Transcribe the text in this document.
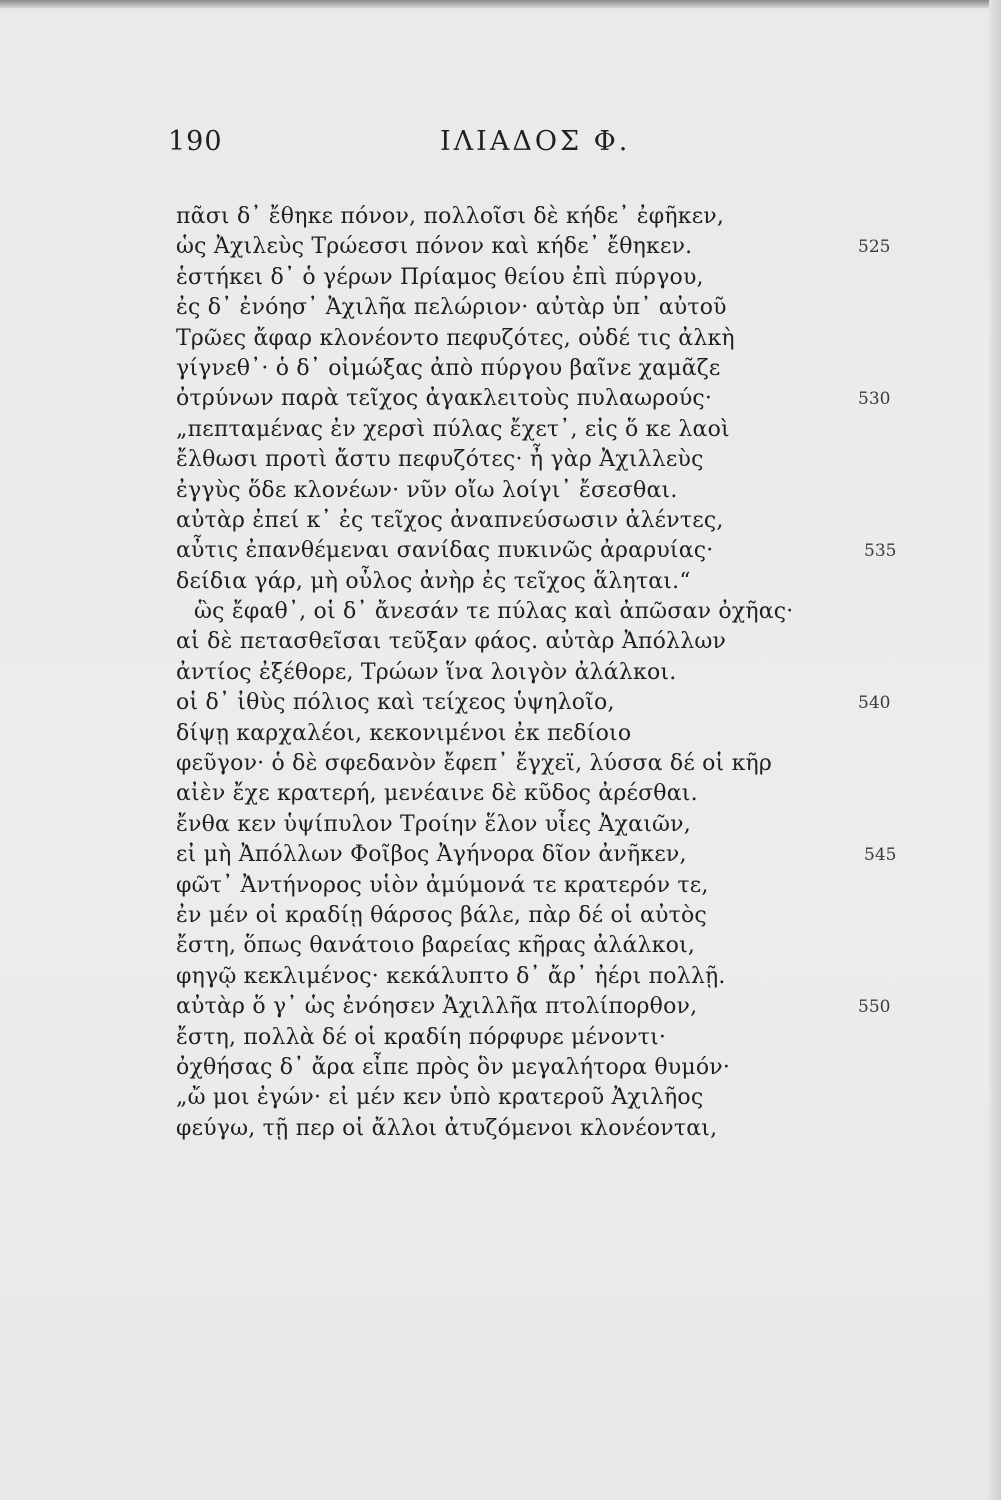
190	ΙΛΙΑΔΟΣ Φ.
πᾶσι δ᾽ ἔθηκε πόνον, πολλοῖσι δὲ κήδε᾽ ἐφῆκεν,
ὡς Ἀχιλεὺς Τρώεσσι πόνον καὶ κήδε᾽ ἔθηκεν.	525
ἑστήκει δ᾽ ὁ γέρων Πρίαμος θείου ἐπὶ πύργου,
ἐς δ᾽ ἐνόησ᾽ Ἀχιλῆα πελώριον· αὐτὰρ ὑπ᾽ αὐτοῦ
Τρῶες ἄφαρ κλονέοντο πεφυζότες, οὐδέ τις ἀλκὴ
γίγνεθ᾽· ὁ δ᾽ οἰμώξας ἀπὸ πύργου βαῖνε χαμᾶζε
ὀτρύνων παρὰ τεῖχος ἀγακλειτοὺς πυλαωρούς·	530
„πεπταμένας ἐν χερσὶ πύλας ἔχετ᾽, εἰς ὅ κε λαοὶ
ἔλθωσι προτὶ ἄστυ πεφυζότες· ἦ γὰρ Ἀχιλλεὺς
ἐγγὺς ὅδε κλονέων· νῦν οἴω λοίγι᾽ ἔσεσθαι.
αὐτὰρ ἐπεί κ᾽ ἐς τεῖχος ἀναπνεύσωσιν ἀλέντες,
αὖτις ἐπανθέμεναι σανίδας πυκινῶς ἀραρυίας·	535
δείδια γάρ, μὴ οὖλος ἀνὴρ ἐς τεῖχος ἅληται.“
ὣς ἔφαθ᾽, οἱ δ᾽ ἄνεσάν τε πύλας καὶ ἀπῶσαν ὀχῆας·
αἱ δὲ πετασθεῖσαι τεῦξαν φάος. αὐτὰρ Ἀπόλλων
ἀντίος ἐξέθορε, Τρώων ἵνα λοιγὸν ἀλάλκοι.
οἱ δ᾽ ἰθὺς πόλιος καὶ τείχεος ὑψηλοῖο,	540
δίψῃ καρχαλέοι, κεκονιμένοι ἐκ πεδίοιο
φεῦγον· ὁ δὲ σφεδανὸν ἔφεπ᾽ ἔγχεϊ, λύσσα δέ οἱ κῆρ
αἰὲν ἔχε κρατερή, μενέαινε δὲ κῦδος ἀρέσθαι.
ἔνθα κεν ὑψίπυλον Τροίην ἕλον υἷες Ἀχαιῶν,
εἰ μὴ Ἀπόλλων Φοῖβος Ἀγήνορα δῖον ἀνῆκεν,	545
φῶτ᾽ Ἀντήνορος υἱὸν ἀμύμονά τε κρατερόν τε,
ἐν μέν οἱ κραδίῃ θάρσος βάλε, πὰρ δέ οἱ αὐτὸς
ἔστη, ὅπως θανάτοιο βαρείας κῆρας ἀλάλκοι,
φηγῷ κεκλιμένος· κεκάλυπτο δ᾽ ἄρ᾽ ἠέρι πολλῇ.
αὐτὰρ ὅ γ᾽ ὡς ἐνόησεν Ἀχιλλῆα πτολίπορθον,	550
ἔστη, πολλὰ δέ οἱ κραδίη πόρφυρε μένοντι·
ὀχθήσας δ᾽ ἄρα εἶπε πρὸς ὃν μεγαλήτορα θυμόν·
„ὤ μοι ἐγών· εἰ μέν κεν ὑπὸ κρατεροῦ Ἀχιλῆος
φεύγω, τῇ περ οἱ ἄλλοι ἀτυζόμενοι κλονέονται,
